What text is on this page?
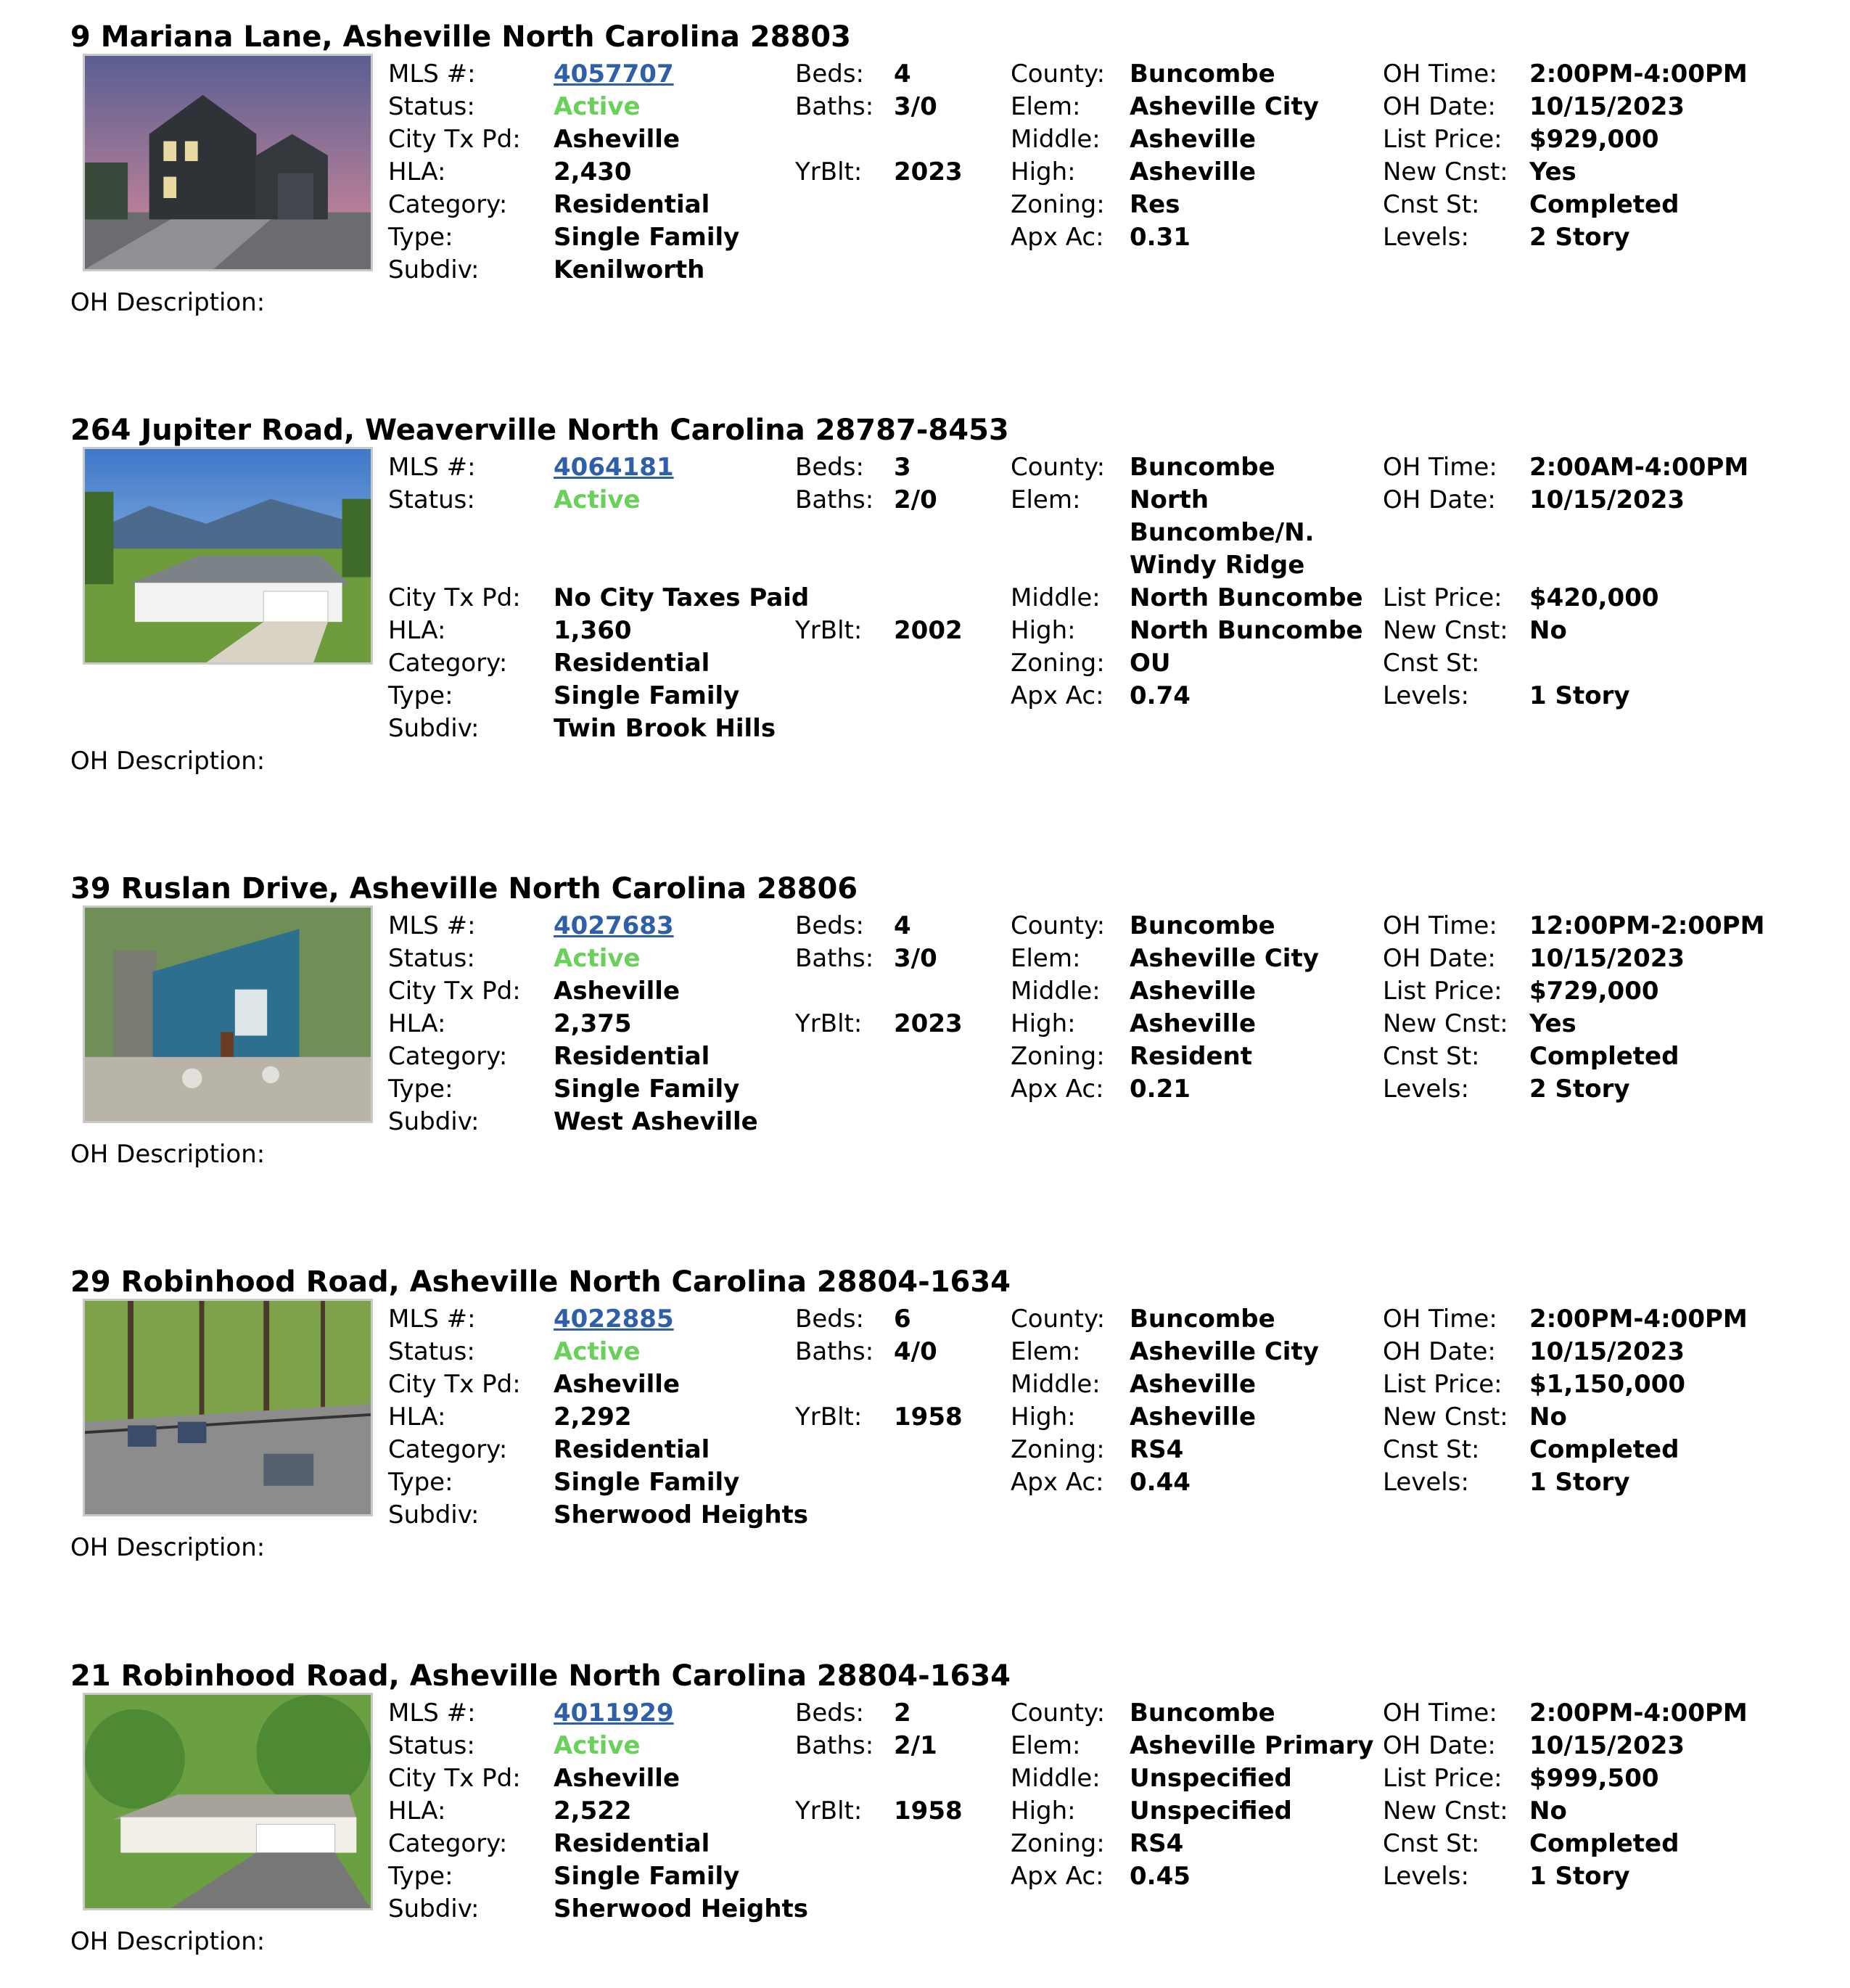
9 Mariana Lane, Asheville North Carolina 28803
MLS #:	4057707
Status:	Active
City Tx Pd: Asheville
HLA:	2,430
Category: Residential
Type:	Single Family
Subdiv:	Kenilworth
Beds: 4
Baths: 3/0
YrBlt: 2023
County: Buncombe
Elem: Asheville City
Middle: Asheville
High: Asheville
Zoning: Res
Apx Ac: 0.31
OH Time: 2:00PM-4:00PM
OH Date: 10/15/2023
List Price: $929,000
New Cnst: Yes
Cnst St: Completed
Levels: 2 Story
OH Description:
264 Jupiter Road, Weaverville North Carolina 28787-8453
MLS #:	4064181
Status:	Active
City Tx Pd: No City Taxes Paid
HLA:	1,360
Category: Residential
Type:	Single Family
Subdiv:	Twin Brook Hills
Beds: 3
Baths: 2/0
YrBlt: 2002
County: Buncombe
Elem: North
Buncombe/N.
Windy Ridge
Middle: North Buncombe
High: North Buncombe
Zoning: OU
Apx Ac: 0.74
OH Time: 2:00AM-4:00PM
OH Date: 10/15/2023
List Price: $420,000
New Cnst: No
Cnst St:
Levels: 1 Story
OH Description:
39 Ruslan Drive, Asheville North Carolina 28806
MLS #:	4027683
Status:	Active
City Tx Pd: Asheville
HLA:	2,375
Category: Residential
Type:	Single Family
Subdiv:	West Asheville
Beds: 4
Baths: 3/0
YrBlt: 2023
County: Buncombe
Elem: Asheville City
Middle: Asheville
High: Asheville
Zoning: Resident
Apx Ac: 0.21
OH Time: 12:00PM-2:00PM
OH Date: 10/15/2023
List Price: $729,000
New Cnst: Yes
Cnst St: Completed
Levels: 2 Story
OH Description:
29 Robinhood Road, Asheville North Carolina 28804-1634
MLS #:	4022885
Status:	Active
City Tx Pd: Asheville
HLA:	2,292
Category: Residential
Type:	Single Family
Subdiv:	Sherwood Heights
Beds: 6
Baths: 4/0
YrBlt: 1958
County: Buncombe
Elem: Asheville City
Middle: Asheville
High: Asheville
Zoning: RS4
Apx Ac: 0.44
OH Time: 2:00PM-4:00PM
OH Date: 10/15/2023
List Price: $1,150,000
New Cnst: No
Cnst St: Completed
Levels: 1 Story
OH Description:
21 Robinhood Road, Asheville North Carolina 28804-1634
MLS #:	4011929
Status:	Active
City Tx Pd: Asheville
HLA:	2,522
Category: Residential
Type:	Single Family
Subdiv:	Sherwood Heights
Beds: 2
Baths: 2/1
YrBlt: 1958
County: Buncombe
Elem: Asheville Primary
Middle: Unspecified
High: Unspecified
Zoning: RS4
Apx Ac: 0.45
OH Time: 2:00PM-4:00PM
OH Date: 10/15/2023
List Price: $999,500
New Cnst: No
Cnst St: Completed
Levels: 1 Story
OH Description:
